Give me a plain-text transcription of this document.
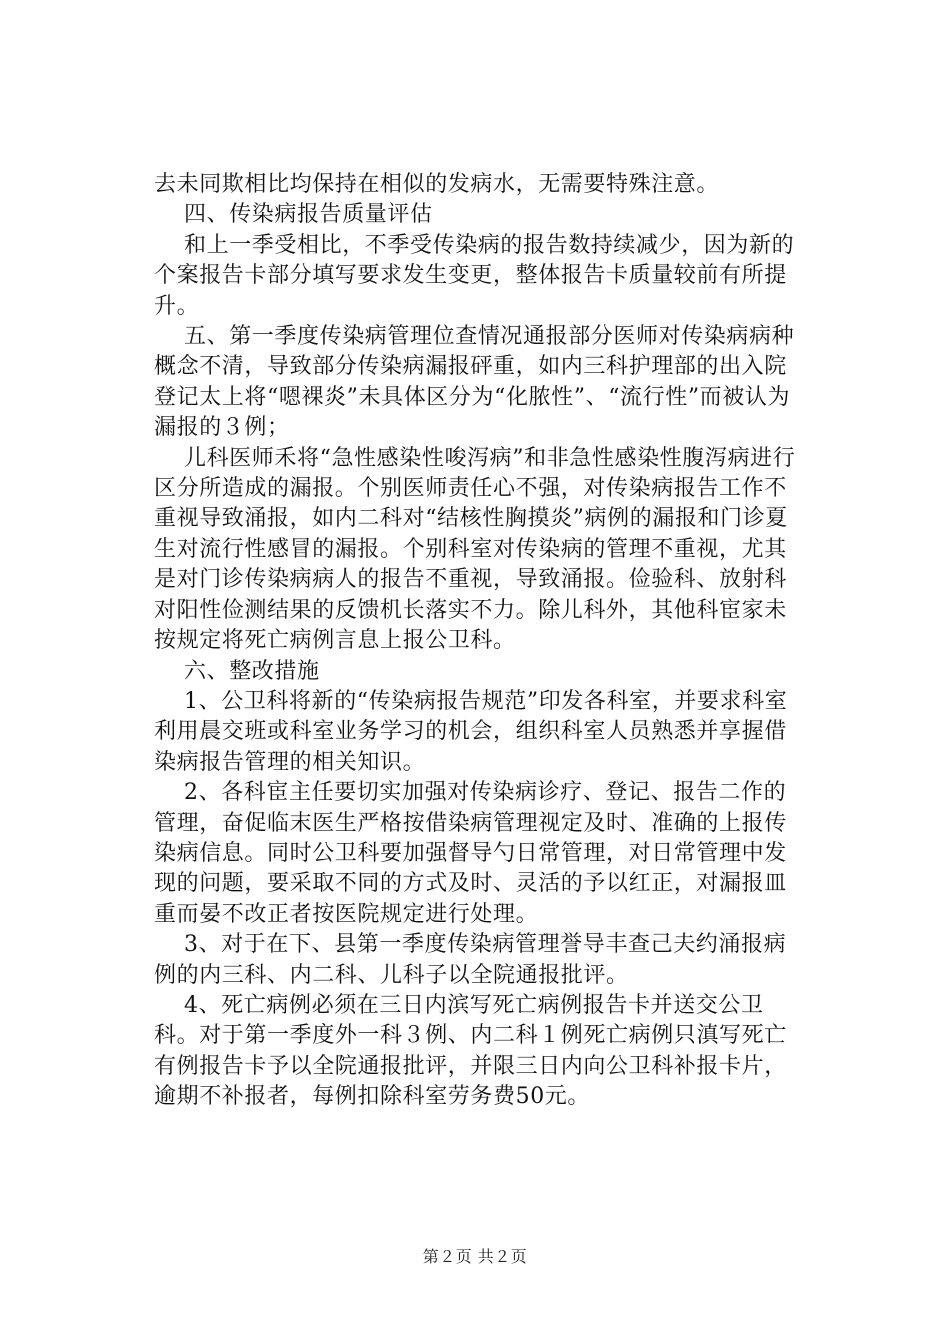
去未同欺相比均保持在相似的发病水，无需要特殊注意。

四、传染病报告质量评估

和上一季受相比，不季受传染病的报告数持续减少，因为新的个案报告卡部分填写要求发生变更，整体报告卡质量较前有所提升。

五、第一季度传染病管理位查情况通报部分医师对传染病病种概念不清，导致部分传染病漏报砰重，如内三科护理部的出入院登记太上将“嗯裸炎”未具体区分为“化脓性”、“流行性”而被认为漏报的３例；

儿科医师禾将“急性感染性唆泻病”和非急性感染性腹泻病进行区分所造成的漏报。个别医师责任心不强，对传染病报告工作不重视导致涌报，如内二科对“结核性胸摸炎”病例的漏报和门诊夏生对流行性感冒的漏报。个别科室对传染病的管理不重视，尤其是对门诊传染病病人的报告不重视，导致涌报。俭验科、放射科对阳性俭测结果的反馈机长落实不力。除儿科外，其他科宦家未按规定将死亡病例言息上报公卫科。

六、整改措施

1、公卫科将新的“传染病报告规范”印发各科室，并要求科室利用晨交班或科室业务学习的机会，组织科室人员熟悉并享握借染病报告管理的相关知识。

2、各科宦主任要切实加强对传染病诊疗、登记、报告二作的管理，奋促临末医生严格按借染病管理视定及时、准确的上报传染病信息。同时公卫科要加强督导勺日常管理，对日常管理中发现的问题，要采取不同的方式及时、灵活的予以红正，对漏报皿重而晏不改正者按医院规定进行处理。

3、对于在下、县第一季度传染病管理誉导丰查己夫约涌报病例的内三科、内二科、儿科子以全院通报批评。

4、死亡病例必须在三日内滨写死亡病例报告卡并送交公卫科。对于第一季度外一科３例、内二科１例死亡病例只滇写死亡有例报告卡予以全院通报批评，并限三日内向公卫科补报卡片，逾期不补报者，每例扣除科室劳务费50元。

第２页 共２页
